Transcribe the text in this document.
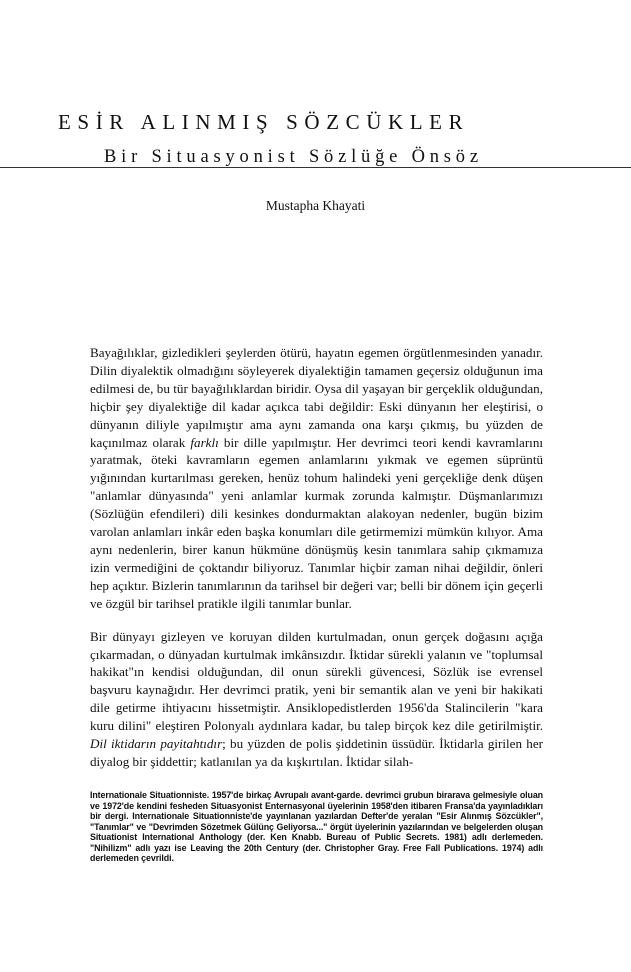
ESİR ALINMIŞ SÖZCÜKLER
Bir Situasyonist Sözlüğe Önsöz
Mustapha Khayati

Bayağılıklar, gizledikleri şeylerden ötürü, hayatın egemen örgütlenmesinden yanadır. Dilin diyalektik olmadığını söyleyerek diyalektiğin tamamen geçersiz olduğunun ima edilmesi de, bu tür bayağılıklardan biridir. Oysa dil yaşayan bir gerçeklik olduğundan, hiçbir şey diyalektiğe dil kadar açıkca tabi değildir: Eski dünyanın her eleştirisi, o dünyanın diliyle yapılmıştır ama aynı zamanda ona karşı çıkmış, bu yüzden de kaçınılmaz olarak farklı bir dille yapılmıştır. Her devrimci teori kendi kavramlarını yaratmak, öteki kavramların egemen anlamlarını yıkmak ve egemen süprüntü yığınından kurtarılması gereken, henüz tohum halindeki yeni gerçekliğe denk düşen "anlamlar dünyasında" yeni anlamlar kurmak zorunda kalmıştır. Düşmanlarımızı (Sözlüğün efendileri) dili kesinkes dondurmaktan alakoyan nedenler, bugün bizim varolan anlamları inkâr eden başka konumları dile getirmemizi mümkün kılıyor. Ama aynı nedenlerin, birer kanun hükmüne dönüşmüş kesin tanımlara sahip çıkmamıza izin vermediğini de çoktandır biliyoruz. Tanımlar hiçbir zaman nihai değildir, önleri hep açıktır. Bizlerin tanımlarının da tarihsel bir değeri var; belli bir dönem için geçerli ve özgül bir tarihsel pratikle ilgili tanımlar bunlar.

Bir dünyayı gizleyen ve koruyan dilden kurtulmadan, onun gerçek doğasını açığa çıkarmadan, o dünyadan kurtulmak imkânsızdır. İktidar sürekli yalanın ve "toplumsal hakikat"ın kendisi olduğundan, dil onun sürekli güvencesi, Sözlük ise evrensel başvuru kaynağıdır. Her devrimci pratik, yeni bir semantik alan ve yeni bir hakikati dile getirme ihtiyacını hissetmiştir. Ansiklopedistlerden 1956'da Stalincilerin "kara kuru dilini" eleştiren Polonyalı aydınlara kadar, bu talep birçok kez dile getirilmiştir. Dil iktidarın payitahtıdır; bu yüzden de polis şiddetinin üssüdür. İktidarla girilen her diyalog bir şiddettir; katlanılan ya da kışkırtılan. İktidar silah-

Internationale Situationniste. 1957'de birkaç Avrupalı avant-garde. devrimci grubun birarava gelmesiyle oluan ve 1972'de kendini fesheden Situasyonist Enternasyonal üyelerinin 1958'den itibaren Fransa'da yayınladıkları bir dergi. Internationale Situationniste'de yayınlanan yazılardan Defter'de yeralan "Esir Alınmış Sözcükler", "Tanımlar" ve "Devrimden Sözetmek Gülünç Geliyorsa..." örgüt üyelerinin yazılarından ve belgelerden oluşan Situationist International Anthology (der. Ken Knabb. Bureau of Public Secrets. 1981) adlı derlemeden. "Nihilizm" adlı yazı ise Leaving the 20th Century (der. Christopher Gray. Free Fall Publications. 1974) adlı derlemeden çevrildi.
